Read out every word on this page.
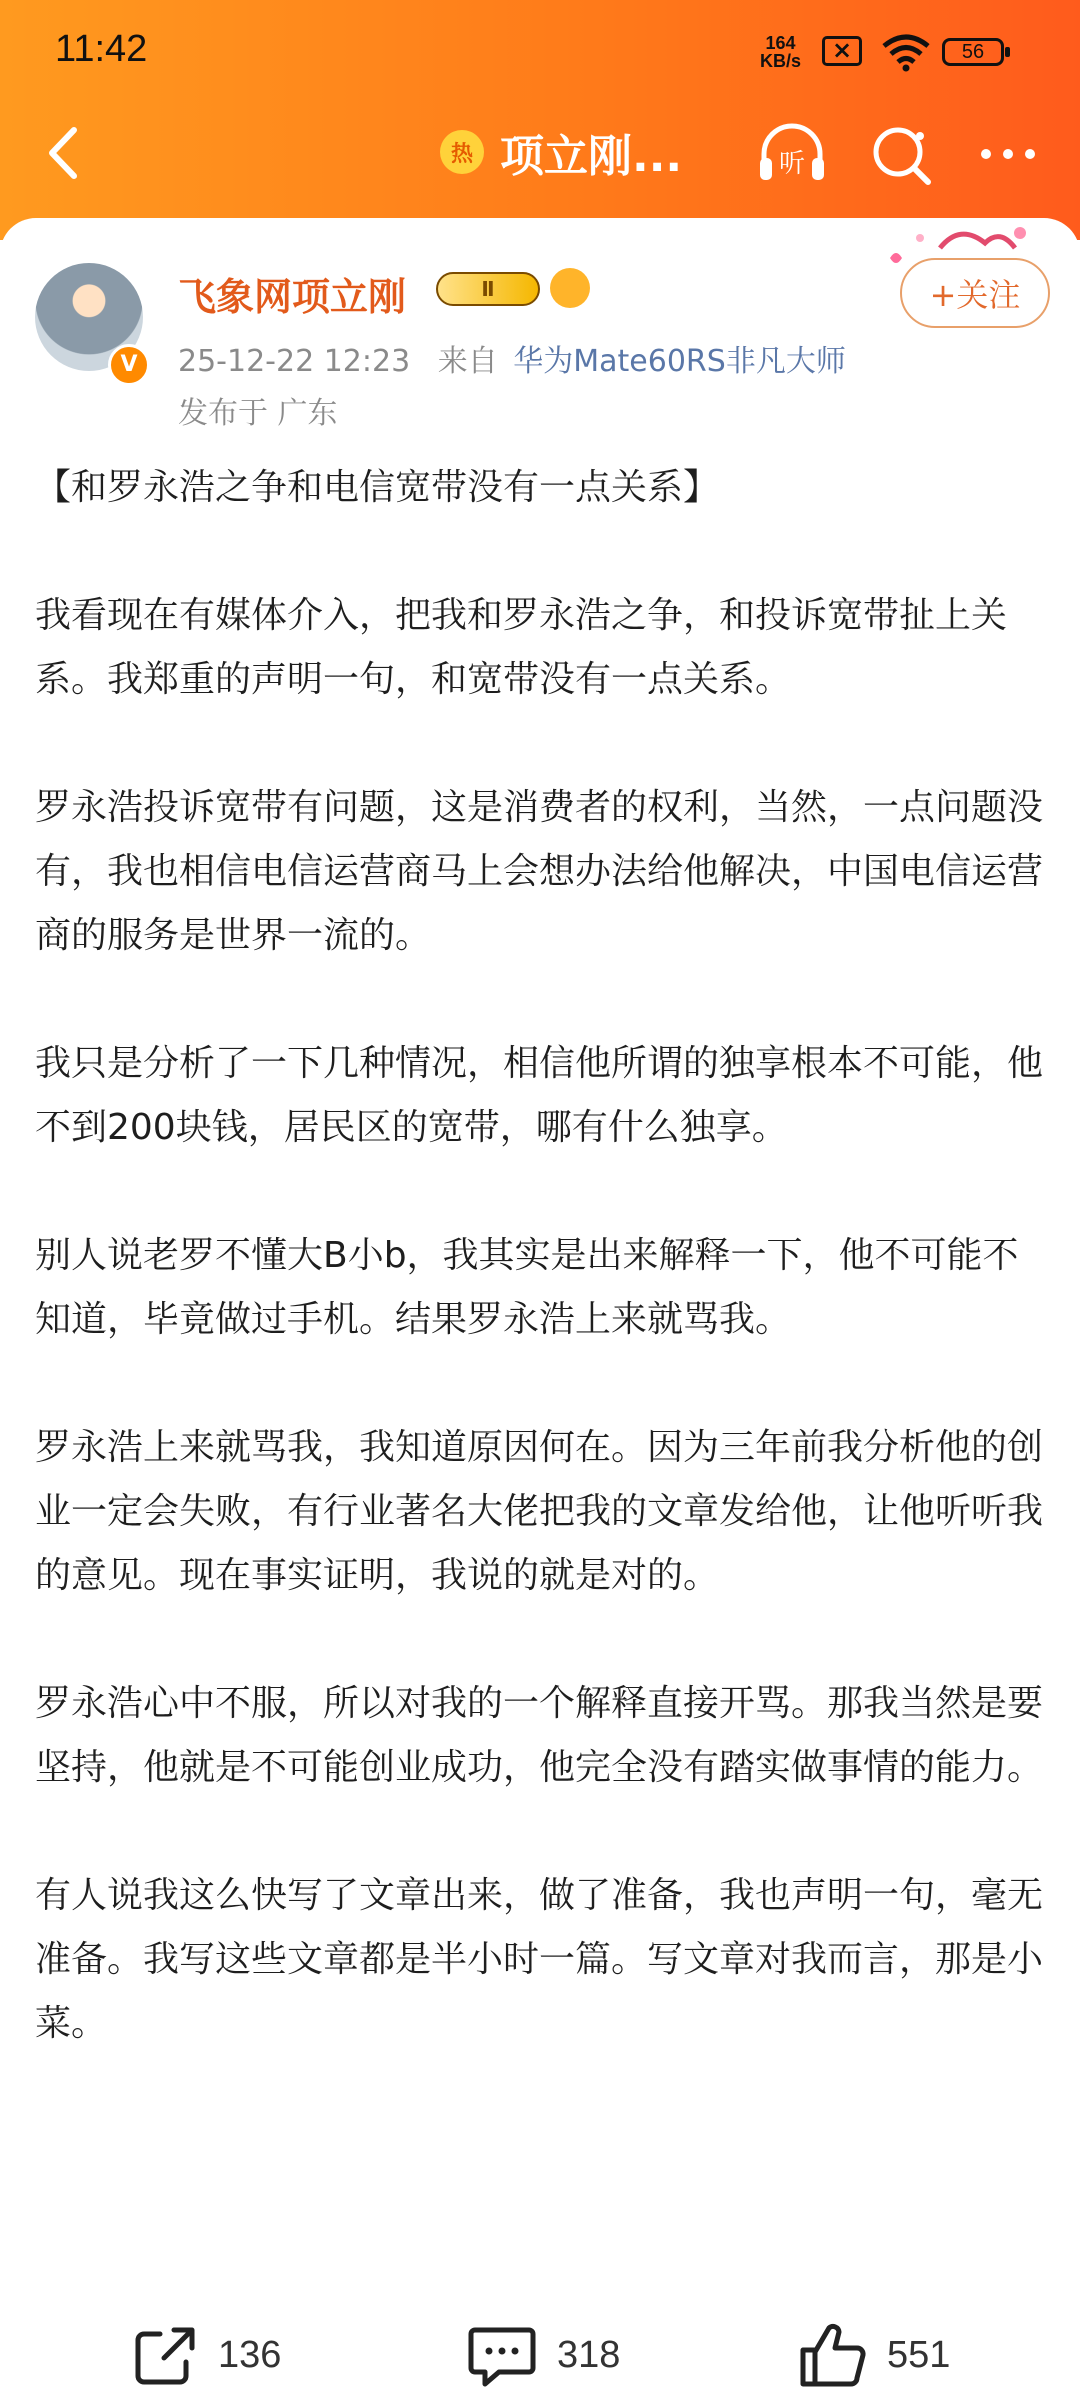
11:42	164
KB/s	×	56
热 项立刚...	听
V
飞象网项立刚	Ⅱ
25-12-22 12:23 来自 华为Mate60RS非凡大师
发布于 广东
+关注

【和罗永浩之争和电信宽带没有一点关系】

我看现在有媒体介入，把我和罗永浩之争，和投诉宽带扯上关系。我郑重的声明一句，和宽带没有一点关系。

罗永浩投诉宽带有问题，这是消费者的权利，当然，一点问题没有，我也相信电信运营商马上会想办法给他解决，中国电信运营商的服务是世界一流的。

我只是分析了一下几种情况，相信他所谓的独享根本不可能，他不到200块钱，居民区的宽带，哪有什么独享。

别人说老罗不懂大B小b，我其实是出来解释一下，他不可能不知道，毕竟做过手机。结果罗永浩上来就骂我。

罗永浩上来就骂我，我知道原因何在。因为三年前我分析他的创业一定会失败，有行业著名大佬把我的文章发给他，让他听听我的意见。现在事实证明，我说的就是对的。

罗永浩心中不服，所以对我的一个解释直接开骂。那我当然是要坚持，他就是不可能创业成功，他完全没有踏实做事情的能力。

有人说我这么快写了文章出来，做了准备，我也声明一句，毫无准备。我写这些文章都是半小时一篇。写文章对我而言，那是小菜。

136	318	551
